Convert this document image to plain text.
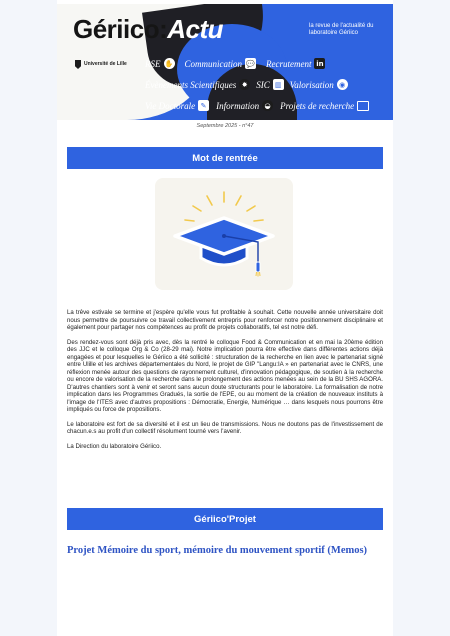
Gériico:Actu	la revue de l'actualité du laboratoire Gériico
Université de Lille RSE ✋ Communication 💬 Recrutement in
Évènements Scientifiques ✸ SIC ▥ Valorisation ◉
Vie Doctorale ✎ Information ◒ Projets de recherche
Septembre 2025 - n°47
Mot de rentrée

La trêve estivale se termine et j'espère qu'elle vous fut profitable à souhait. Cette nouvelle année universitaire doit nous permettre de poursuivre ce travail collectivement entrepris pour renforcer notre positionnement disciplinaire et également pour partager nos compétences au profit de projets collaboratifs, tel est notre défi.

Des rendez-vous sont déjà pris avec, dès la rentré le colloque Food & Communication et en mai la 20ème édition des JJC et le colloque Org & Co (28-29 mai). Notre implication pourra être effective dans différentes actions déjà engagées et pour lesquelles le Gériico a été sollicité : structuration de la recherche en lien avec le partenariat signé entre Ulille et les archives départementales du Nord, le projet de GIP "Langu:IA » en partenariat avec le CNRS, une réflexion menée autour des questions de rayonnement culturel, d'innovation pédagogique, de soutien à la recherche ou encore de valorisation de la recherche dans le prolongement des actions menées au sein de la BU SHS AGORA. D'autres chantiers sont à venir et seront sans aucun doute structurants pour le laboratoire. La formalisation de notre implication dans les Programmes Gradués, la sortie de l'EPE, ou au moment de la création de nouveaux instituts à l'image de l'ITES avec d'autres propositions : Démocratie, Energie, Numérique … dans lesquels nous pourrons être impliqués ou force de propositions.

Le laboratoire est fort de sa diversité et il est un lieu de transmissions. Nous ne doutons pas de l'investissement de chacun.e.s au profit d'un collectif résolument tourné vers l'avenir.

La Direction du laboratoire Gériico.

Gériico'Projet
Projet Mémoire du sport, mémoire du mouvement sportif (Memos)
